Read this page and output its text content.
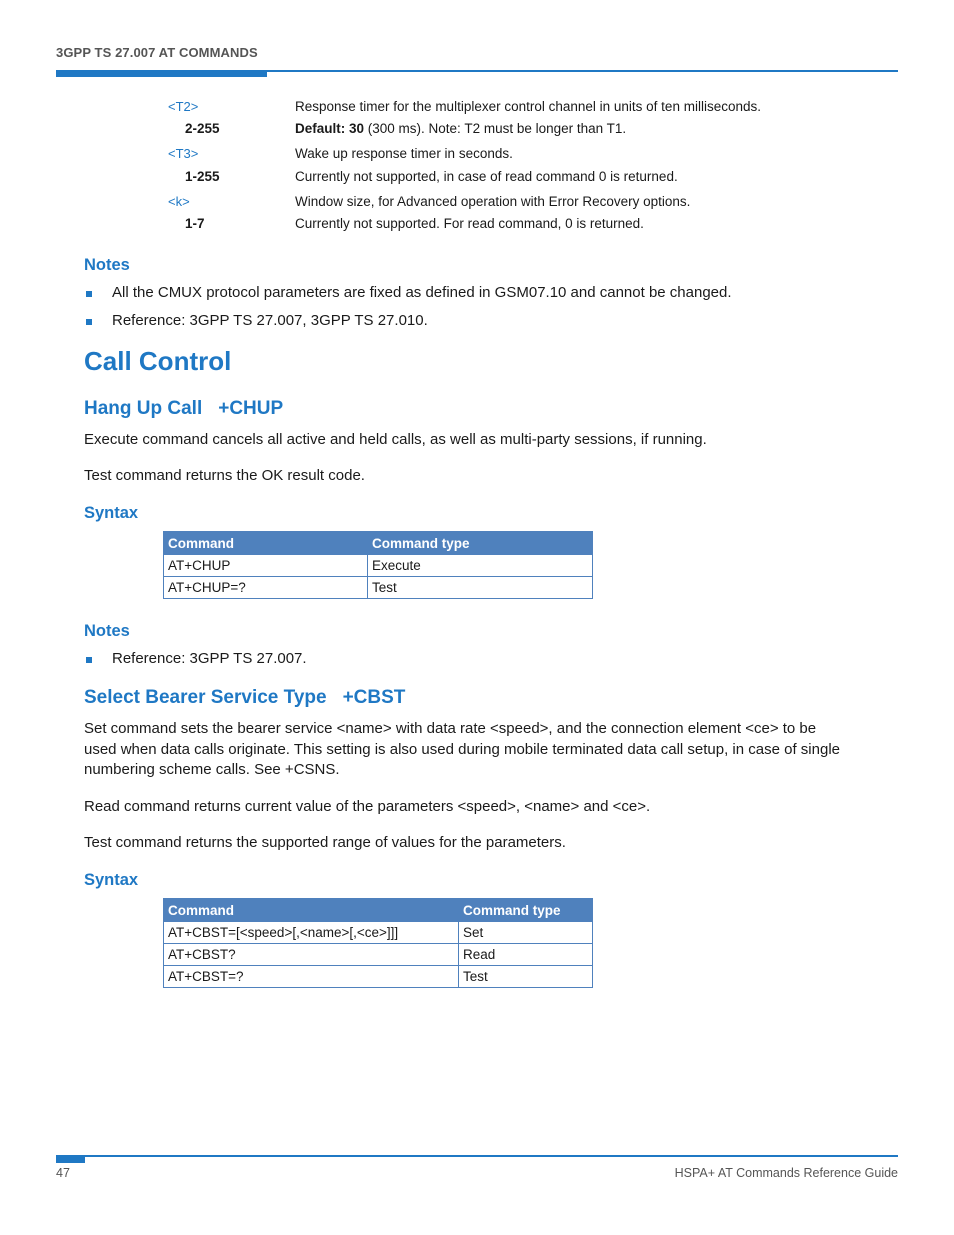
3GPP TS 27.007 AT COMMANDS
<T2>	Response timer for the multiplexer control channel in units of ten milliseconds.
2-255	Default: 30 (300 ms). Note: T2 must be longer than T1.
<T3>	Wake up response timer in seconds.
1-255	Currently not supported, in case of read command 0 is returned.
<k>	Window size, for Advanced operation with Error Recovery options.
1-7	Currently not supported. For read command, 0 is returned.
Notes
All the CMUX protocol parameters are fixed as defined in GSM07.10 and cannot be changed.
Reference: 3GPP TS 27.007, 3GPP TS 27.010.
Call Control
Hang Up Call +CHUP
Execute command cancels all active and held calls, as well as multi-party sessions, if running.
Test command returns the OK result code.
Syntax
Command	Command type
AT+CHUP	Execute
AT+CHUP=?	Test
Notes
Reference: 3GPP TS 27.007.
Select Bearer Service Type +CBST
Set command sets the bearer service <name> with data rate <speed>, and the connection element <ce> to be
used when data calls originate. This setting is also used during mobile terminated data call setup, in case of single
numbering scheme calls. See +CSNS.
Read command returns current value of the parameters <speed>, <name> and <ce>.
Test command returns the supported range of values for the parameters.
Syntax
Command	Command type
AT+CBST=[<speed>[,<name>[,<ce>]]]	Set
AT+CBST?	Read
AT+CBST=?	Test
47	HSPA+ AT Commands Reference Guide
